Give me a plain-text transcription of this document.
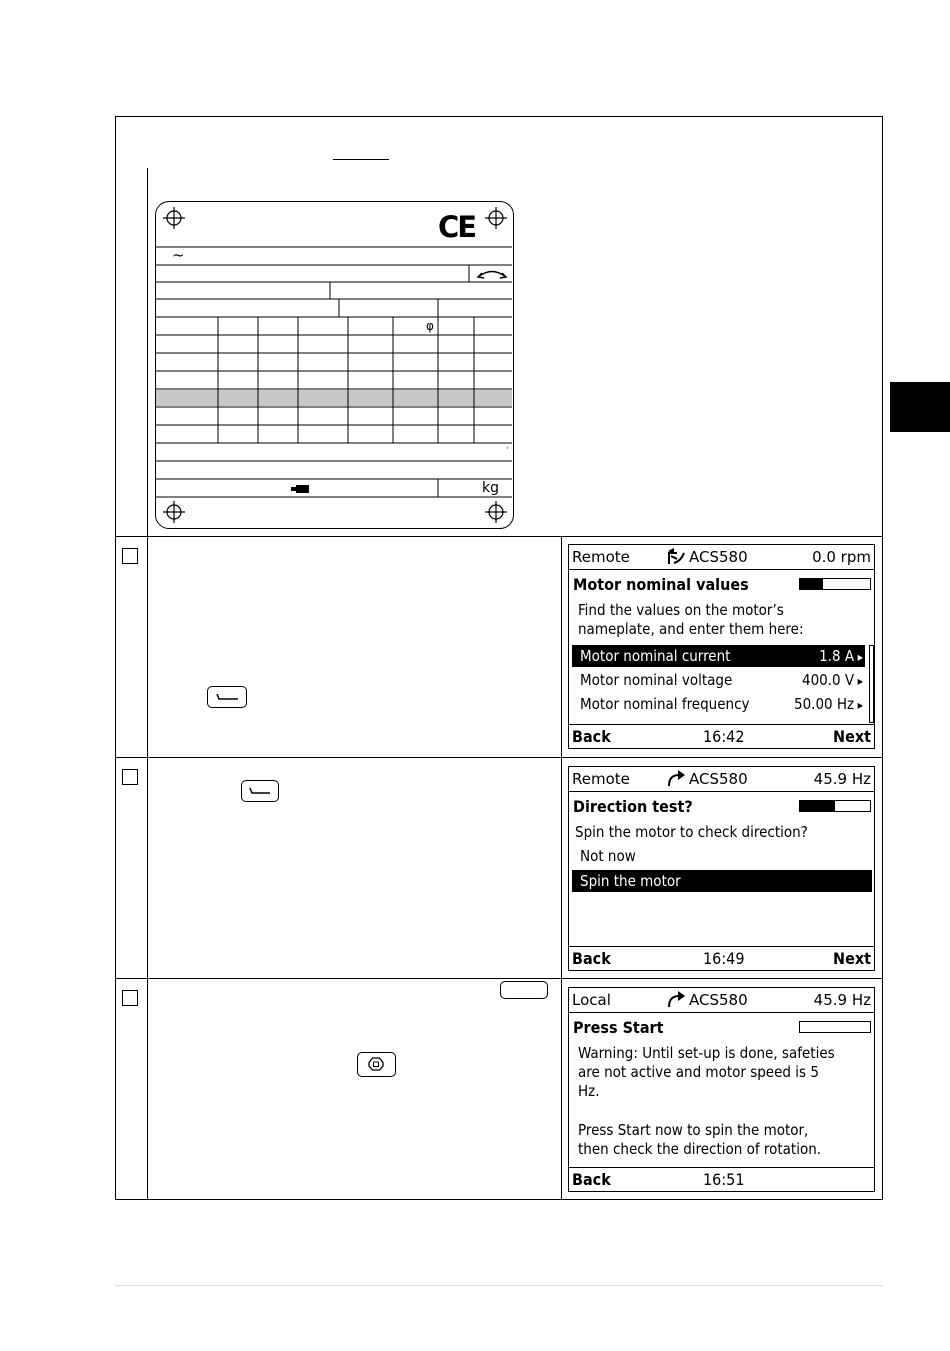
CE
~
φ
·
kg
Remote	ACS580	0.0 rpm
Motor nominal values
Find the values on the motor’s
nameplate, and enter them here:
Motor nominal current	1.8 A ▸
Motor nominal voltage	400.0 V ▸
Motor nominal frequency	50.00 Hz ▸
Back	16:42	Next
Remote	ACS580	45.9 Hz
Direction test?
Spin the motor to check direction?
Not now
Spin the motor
Back	16:49	Next
Local	ACS580	45.9 Hz
Press Start
Warning: Until set-up is done, safeties
are not active and motor speed is 5
Hz.
Press Start now to spin the motor,
then check the direction of rotation.
Back	16:51
